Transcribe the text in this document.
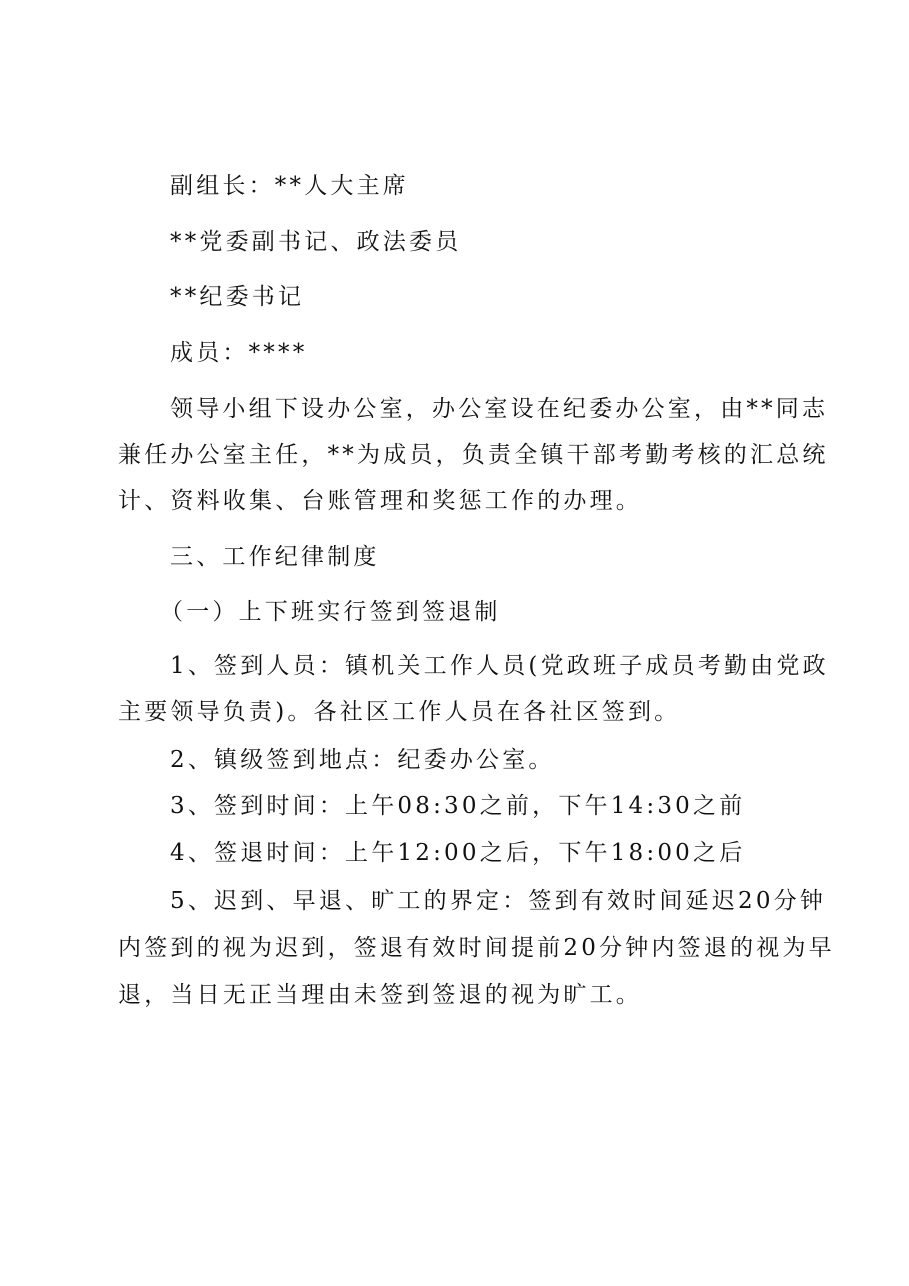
副组长：**人大主席
**党委副书记、政法委员
**纪委书记
成员：****
领导小组下设办公室，办公室设在纪委办公室，由**同志
兼任办公室主任，**为成员，负责全镇干部考勤考核的汇总统
计、资料收集、台账管理和奖惩工作的办理。
三、工作纪律制度
（一）上下班实行签到签退制
1、签到人员：镇机关工作人员(党政班子成员考勤由党政
主要领导负责)。各社区工作人员在各社区签到。
2、镇级签到地点：纪委办公室。
3、签到时间：上午08:30之前，下午14:30之前
4、签退时间：上午12:00之后，下午18:00之后
5、迟到、早退、旷工的界定：签到有效时间延迟20分钟
内签到的视为迟到，签退有效时间提前20分钟内签退的视为早
退，当日无正当理由未签到签退的视为旷工。
